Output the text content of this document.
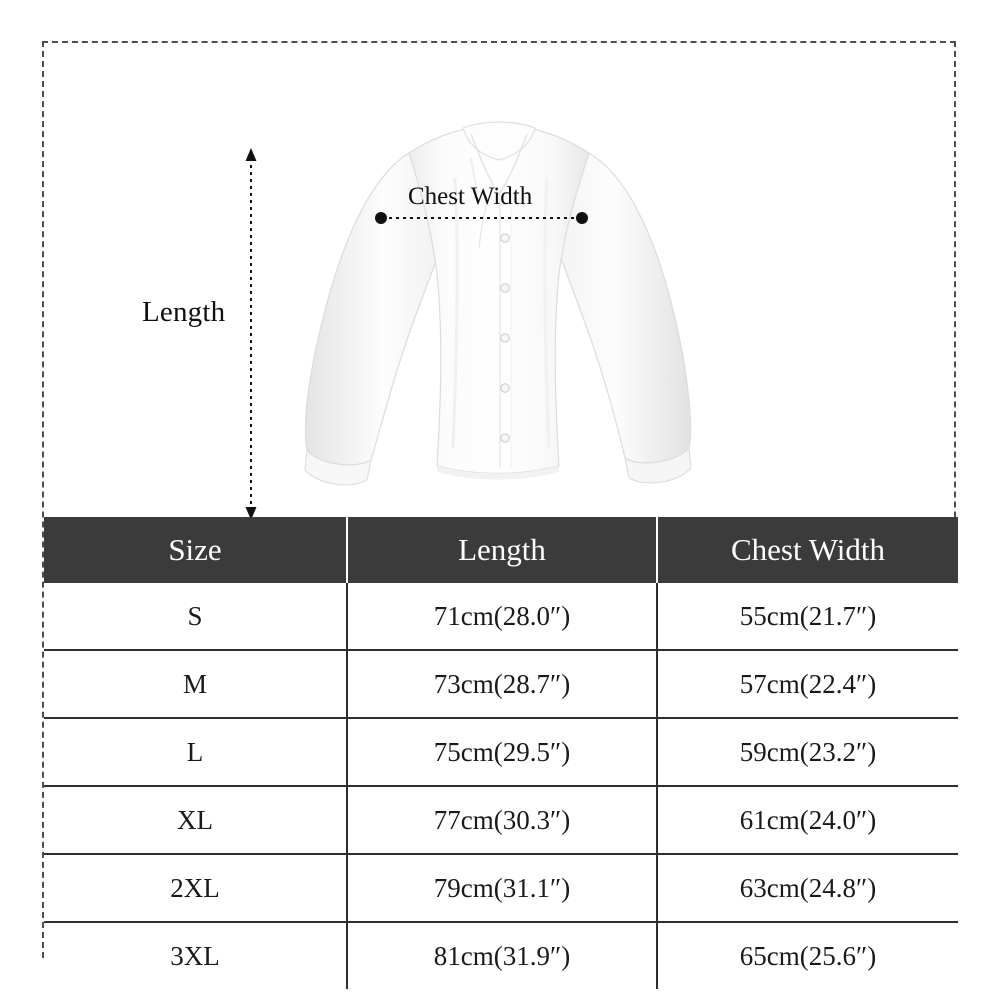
Length
Chest Width
Size	Length	Chest Width
S	71cm(28.0″)	55cm(21.7″)
M	73cm(28.7″)	57cm(22.4″)
L	75cm(29.5″)	59cm(23.2″)
XL	77cm(30.3″)	61cm(24.0″)
2XL	79cm(31.1″)	63cm(24.8″)
3XL	81cm(31.9″)	65cm(25.6″)
